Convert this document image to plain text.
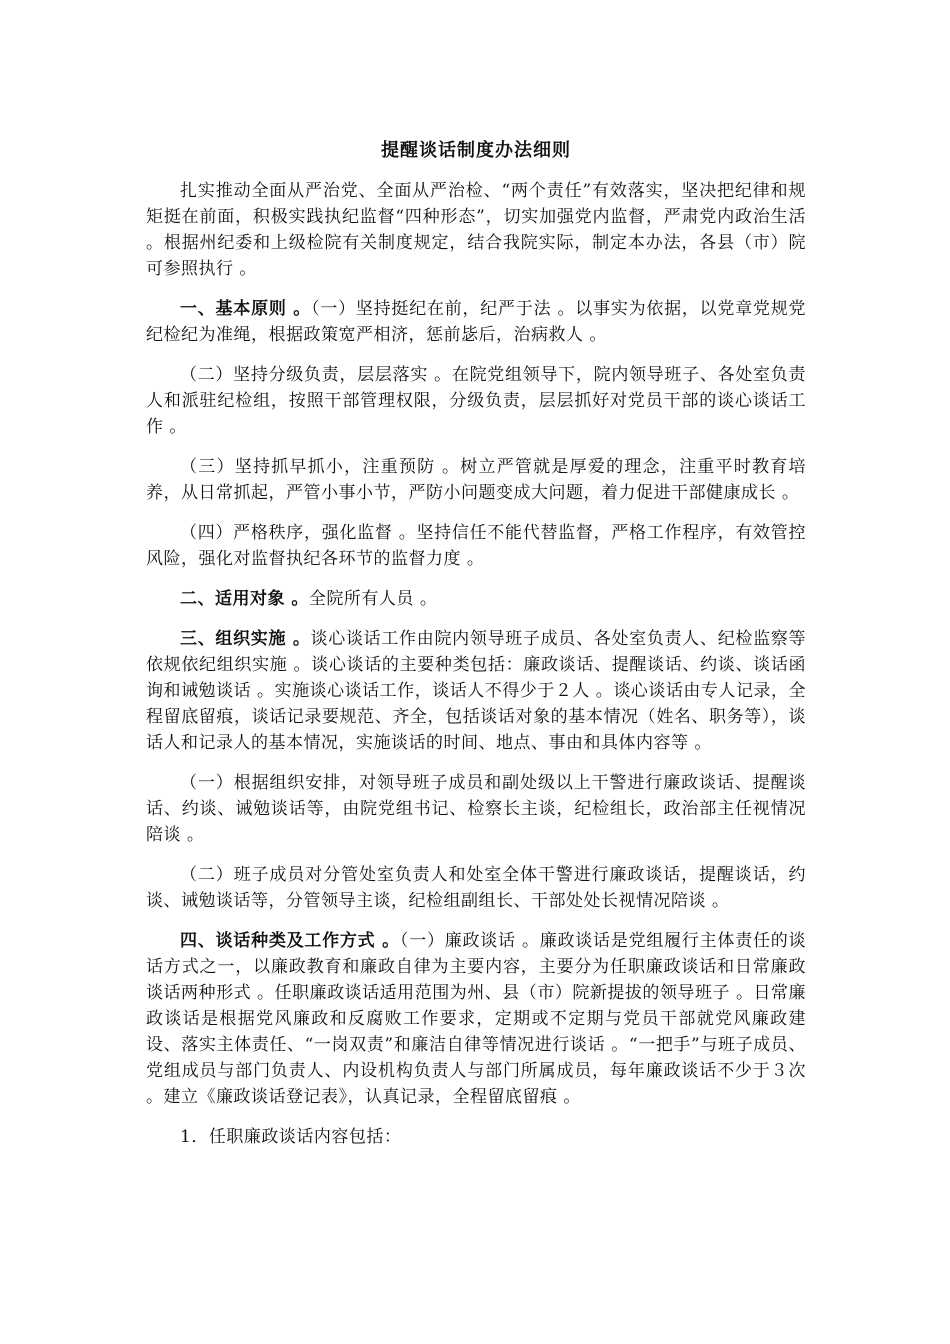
提醒谈话制度办法细则

扎实推动全面从严治党、全面从严治检、“两个责任”有效落实，坚决把纪律和规矩挺在前面，积极实践执纪监督“四种形态”，切实加强党内监督，严肃党内政治生活 。根据州纪委和上级检院有关制度规定，结合我院实际，制定本办法，各县（市）院可参照执行 。

一、基本原则 。（一）坚持挺纪在前，纪严于法 。以事实为依据，以党章党规党纪检纪为准绳，根据政策宽严相济，惩前毖后，治病救人 。

（二）坚持分级负责，层层落实 。在院党组领导下，院内领导班子、各处室负责人和派驻纪检组，按照干部管理权限，分级负责，层层抓好对党员干部的谈心谈话工作 。

（三）坚持抓早抓小，注重预防 。树立严管就是厚爱的理念，注重平时教育培养，从日常抓起，严管小事小节，严防小问题变成大问题，着力促进干部健康成长 。

（四）严格秩序，强化监督 。坚持信任不能代替监督，严格工作程序，有效管控风险，强化对监督执纪各环节的监督力度 。

二、适用对象 。全院所有人员 。

三、组织实施 。谈心谈话工作由院内领导班子成员、各处室负责人、纪检监察等依规依纪组织实施 。谈心谈话的主要种类包括：廉政谈话、提醒谈话、约谈、谈话函询和诫勉谈话 。实施谈心谈话工作，谈话人不得少于２人 。谈心谈话由专人记录，全程留底留痕，谈话记录要规范、齐全，包括谈话对象的基本情况（姓名、职务等），谈话人和记录人的基本情况，实施谈话的时间、地点、事由和具体内容等 。

（一）根据组织安排，对领导班子成员和副处级以上干警进行廉政谈话、提醒谈话、约谈、诫勉谈话等，由院党组书记、检察长主谈，纪检组长，政治部主任视情况陪谈 。

（二）班子成员对分管处室负责人和处室全体干警进行廉政谈话，提醒谈话，约谈、诫勉谈话等，分管领导主谈，纪检组副组长、干部处处长视情况陪谈 。

四、谈话种类及工作方式 。（一）廉政谈话 。廉政谈话是党组履行主体责任的谈话方式之一，以廉政教育和廉政自律为主要内容，主要分为任职廉政谈话和日常廉政谈话两种形式 。任职廉政谈话适用范围为州、县（市）院新提拔的领导班子 。日常廉政谈话是根据党风廉政和反腐败工作要求，定期或不定期与党员干部就党风廉政建设、落实主体责任、“一岗双责”和廉洁自律等情况进行谈话 。“一把手”与班子成员、党组成员与部门负责人、内设机构负责人与部门所属成员，每年廉政谈话不少于３次 。建立《廉政谈话登记表》，认真记录，全程留底留痕 。

1．任职廉政谈话内容包括：
